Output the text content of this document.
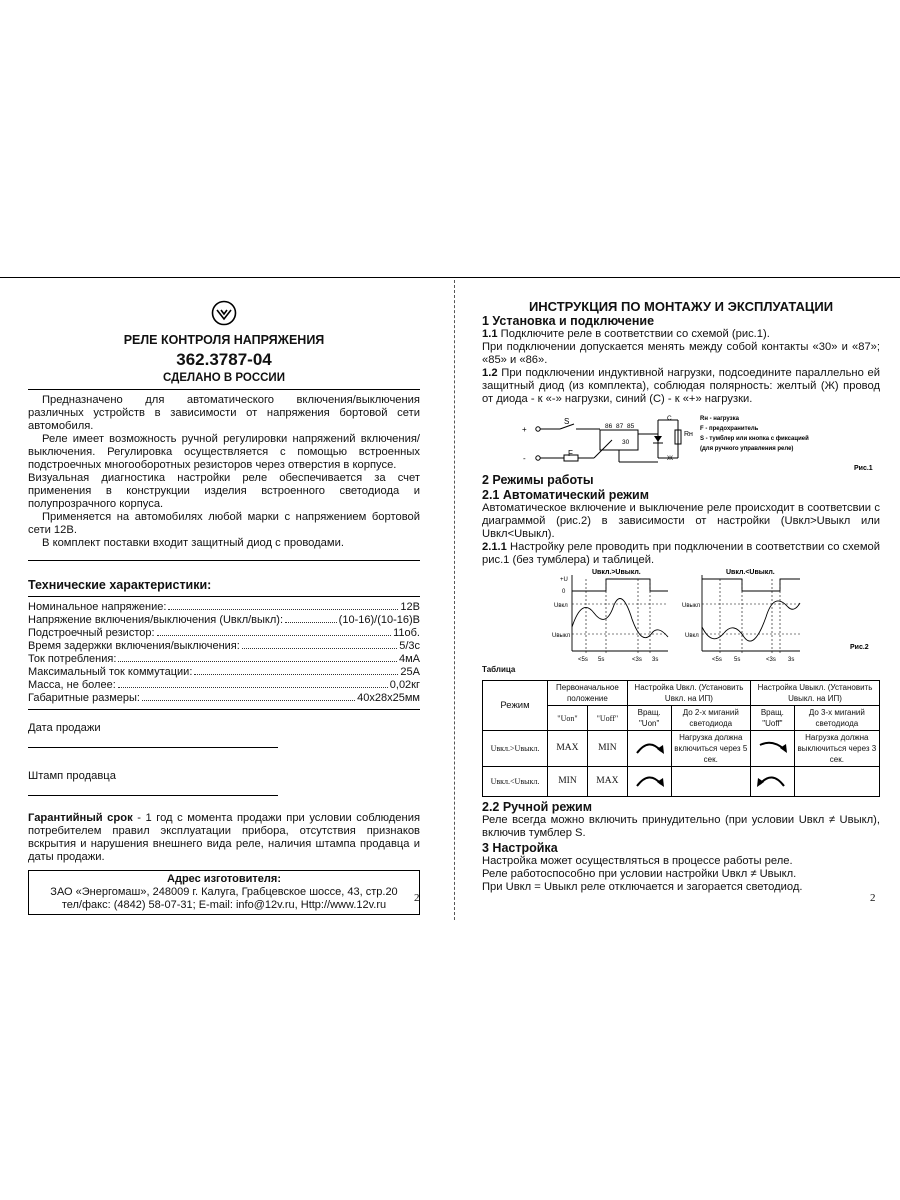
РЕЛЕ КОНТРОЛЯ НАПРЯЖЕНИЯ
362.3787-04
СДЕЛАНО В РОССИИ
Предназначено для автоматического включения/выключения различных устройств в зависимости от напряжения бортовой сети автомобиля.
Реле имеет возможность ручной регулировки напряжений включения/выключения. Регулировка осуществляется с помощью встроенных подстроечных многооборотных резисторов через отверстия в корпусе.
Визуальная диагностика настройки реле обеспечивается за счет применения в конструкции изделия встроенного светодиода и полупрозрачного корпуса.
Применяется на автомобилях любой марки с напряжением бортовой сети 12В.
В комплект поставки входит защитный диод с проводами.
Технические характеристики:
Номинальное напряжение:	12В
Напряжение включения/выключения (Uвкл/выкл):	(10-16)/(10-16)В
Подстроечный резистор:	11об.
Время задержки включения/выключения:	5/3с
Ток потребления:	4мА
Максимальный ток коммутации:	25А
Масса, не более:	0,02кг
Габаритные размеры:	40х28х25мм
Дата продажи
Штамп продавца
Гарантийный срок - 1 год с момента продажи при условии соблюдения потребителем правил эксплуатации прибора, отсутствия признаков вскрытия и нарушения внешнего вида реле, наличия штампа продавца и даты продажи.
Адрес изготовителя:
ЗАО «Энергомаш», 248009 г. Калуга, Грабцевское шоссе, 43, стр.20
тел/факс: (4842) 58-07-31; E-mail: info@12v.ru, Http://www.12v.ru
2
ИНСТРУКЦИЯ ПО МОНТАЖУ И ЭКСПЛУАТАЦИИ
1 Установка и подключение
1.1 Подключите реле в соответствии со схемой (рис.1).
При подключении допускается менять между собой контакты «30» и «87»; «85» и «86».
1.2 При подключении индуктивной нагрузки, подсоедините параллельно ей защитный диод (из комплекта), соблюдая полярность: желтый (Ж) провод от диода - к «-» нагрузки, синий (С) - к «+» нагрузки.
+
-
S
F
86 87 85
30
С
Ж
Rн
Rн - нагрузка
F - предохранитель
S - тумблер или кнопка с фиксацией
(для ручного управления реле)
Рис.1
2 Режимы работы
2.1 Автоматический режим
Автоматическое включение и выключение реле происходит в соответсвии с диаграммой (рис.2) в зависимости от настройки (Uвкл>Uвыкл или Uвкл<Uвыкл).
2.1.1 Настройку реле проводить при подключении в соответствии со схемой рис.1 (без тумблера) и таблицей.
Uвкл.>Uвыкл.	Uвкл.<Uвыкл.
+U
0
Uвкл
Uвыкл
Uвыкл
Uвкл
<5s 5s	<3s 3s	<5s 5s	<3s 3s
Рис.2
Таблица
Режим	Первоначальное положение		Настройка Uвкл. (Установить Uвкл. на ИП)		Настройка Uвыкл. (Установить Uвыкл. на ИП)	
	"Uon"	"Uoff"	Вращ. "Uon"	До 2-х миганий светодиода	Вращ. "Uoff"	До 3-х миганий светодиода
Uвкл.>Uвыкл.	MAX	MIN		Нагрузка должна включиться через 5 сек.		Нагрузка должна выключиться через 3 сек.
Uвкл.<Uвыкл.	MIN	MAX				
2.2 Ручной режим
Реле всегда можно включить принудительно (при условии Uвкл ≠ Uвыкл), включив тумблер S.
3 Настройка
Настройка может осуществляться в процессе работы реле.
Реле работоспособно при условии настройки Uвкл ≠ Uвыкл.
При Uвкл = Uвыкл реле отключается и загорается светодиод.
2
